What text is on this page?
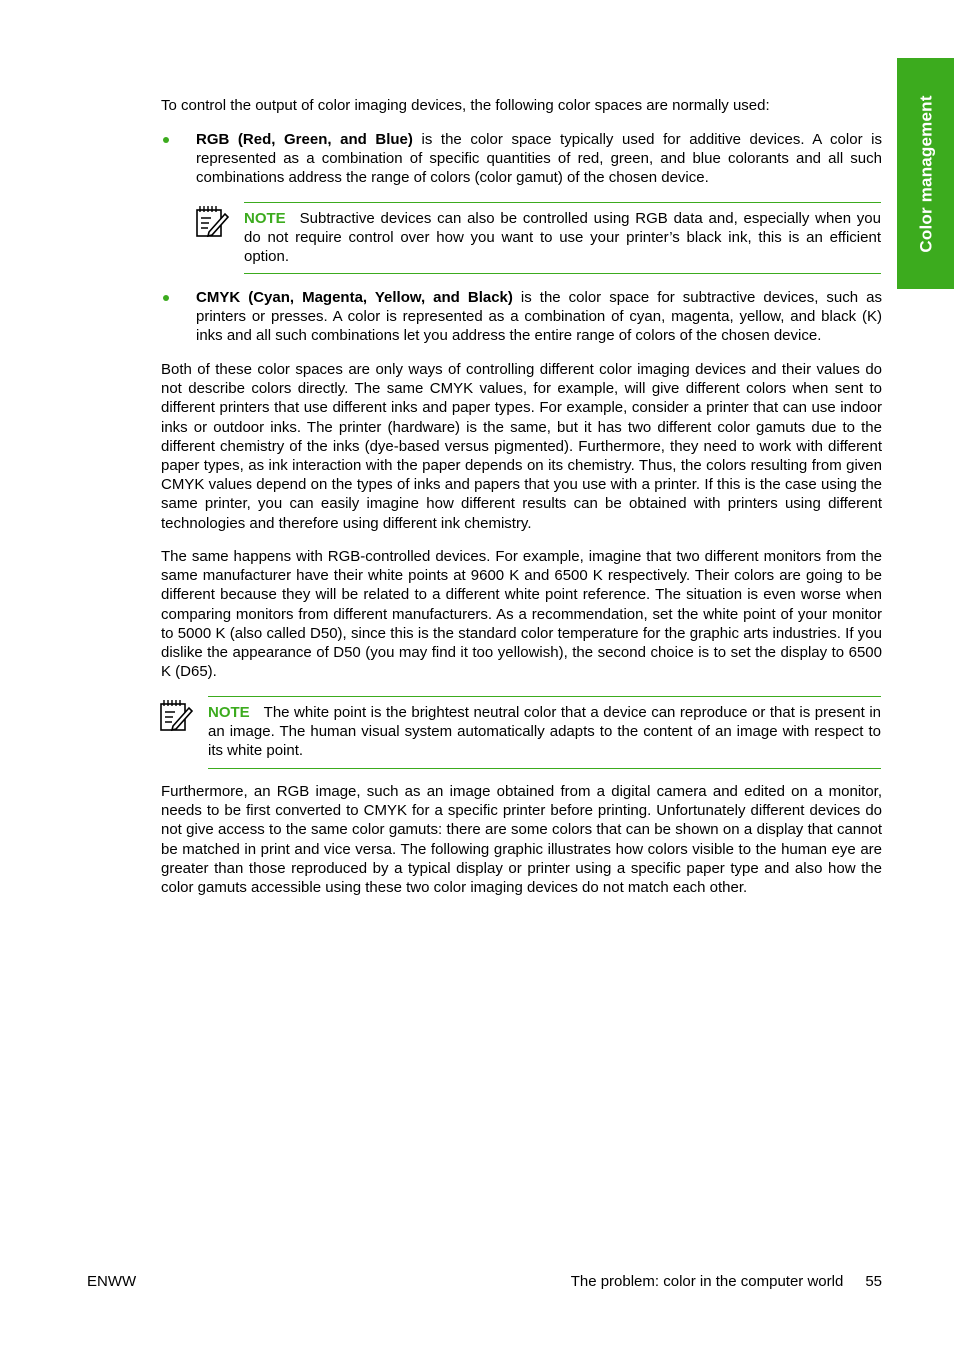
Color management

To control the output of color imaging devices, the following color spaces are normally used:

RGB (Red, Green, and Blue) is the color space typically used for additive devices. A color is represented as a combination of specific quantities of red, green, and blue colorants and all such combinations address the range of colors (color gamut) of the chosen device.

NOTE Subtractive devices can also be controlled using RGB data and, especially when you do not require control over how you want to use your printer’s black ink, this is an efficient option.

CMYK (Cyan, Magenta, Yellow, and Black) is the color space for subtractive devices, such as printers or presses. A color is represented as a combination of cyan, magenta, yellow, and black (K) inks and all such combinations let you address the entire range of colors of the chosen device.

Both of these color spaces are only ways of controlling different color imaging devices and their values do not describe colors directly. The same CMYK values, for example, will give different colors when sent to different printers that use different inks and paper types. For example, consider a printer that can use indoor inks or outdoor inks. The printer (hardware) is the same, but it has two different color gamuts due to the different chemistry of the inks (dye-based versus pigmented). Furthermore, they need to work with different paper types, as ink interaction with the paper depends on its chemistry. Thus, the colors resulting from given CMYK values depend on the types of inks and papers that you use with a printer. If this is the case using the same printer, you can easily imagine how different results can be obtained with printers using different technologies and therefore using different ink chemistry.

The same happens with RGB-controlled devices. For example, imagine that two different monitors from the same manufacturer have their white points at 9600 K and 6500 K respectively. Their colors are going to be different because they will be related to a different white point reference. The situation is even worse when comparing monitors from different manufacturers. As a recommendation, set the white point of your monitor to 5000 K (also called D50), since this is the standard color temperature for the graphic arts industries. If you dislike the appearance of D50 (you may find it too yellowish), the second choice is to set the display to 6500 K (D65).

NOTE The white point is the brightest neutral color that a device can reproduce or that is present in an image. The human visual system automatically adapts to the content of an image with respect to its white point.

Furthermore, an RGB image, such as an image obtained from a digital camera and edited on a monitor, needs to be first converted to CMYK for a specific printer before printing. Unfortunately different devices do not give access to the same color gamuts: there are some colors that can be shown on a display that cannot be matched in print and vice versa. The following graphic illustrates how colors visible to the human eye are greater than those reproduced by a typical display or printer using a specific paper type and also how the color gamuts accessible using these two color imaging devices do not match each other.

ENWW	The problem: color in the computer world 55
